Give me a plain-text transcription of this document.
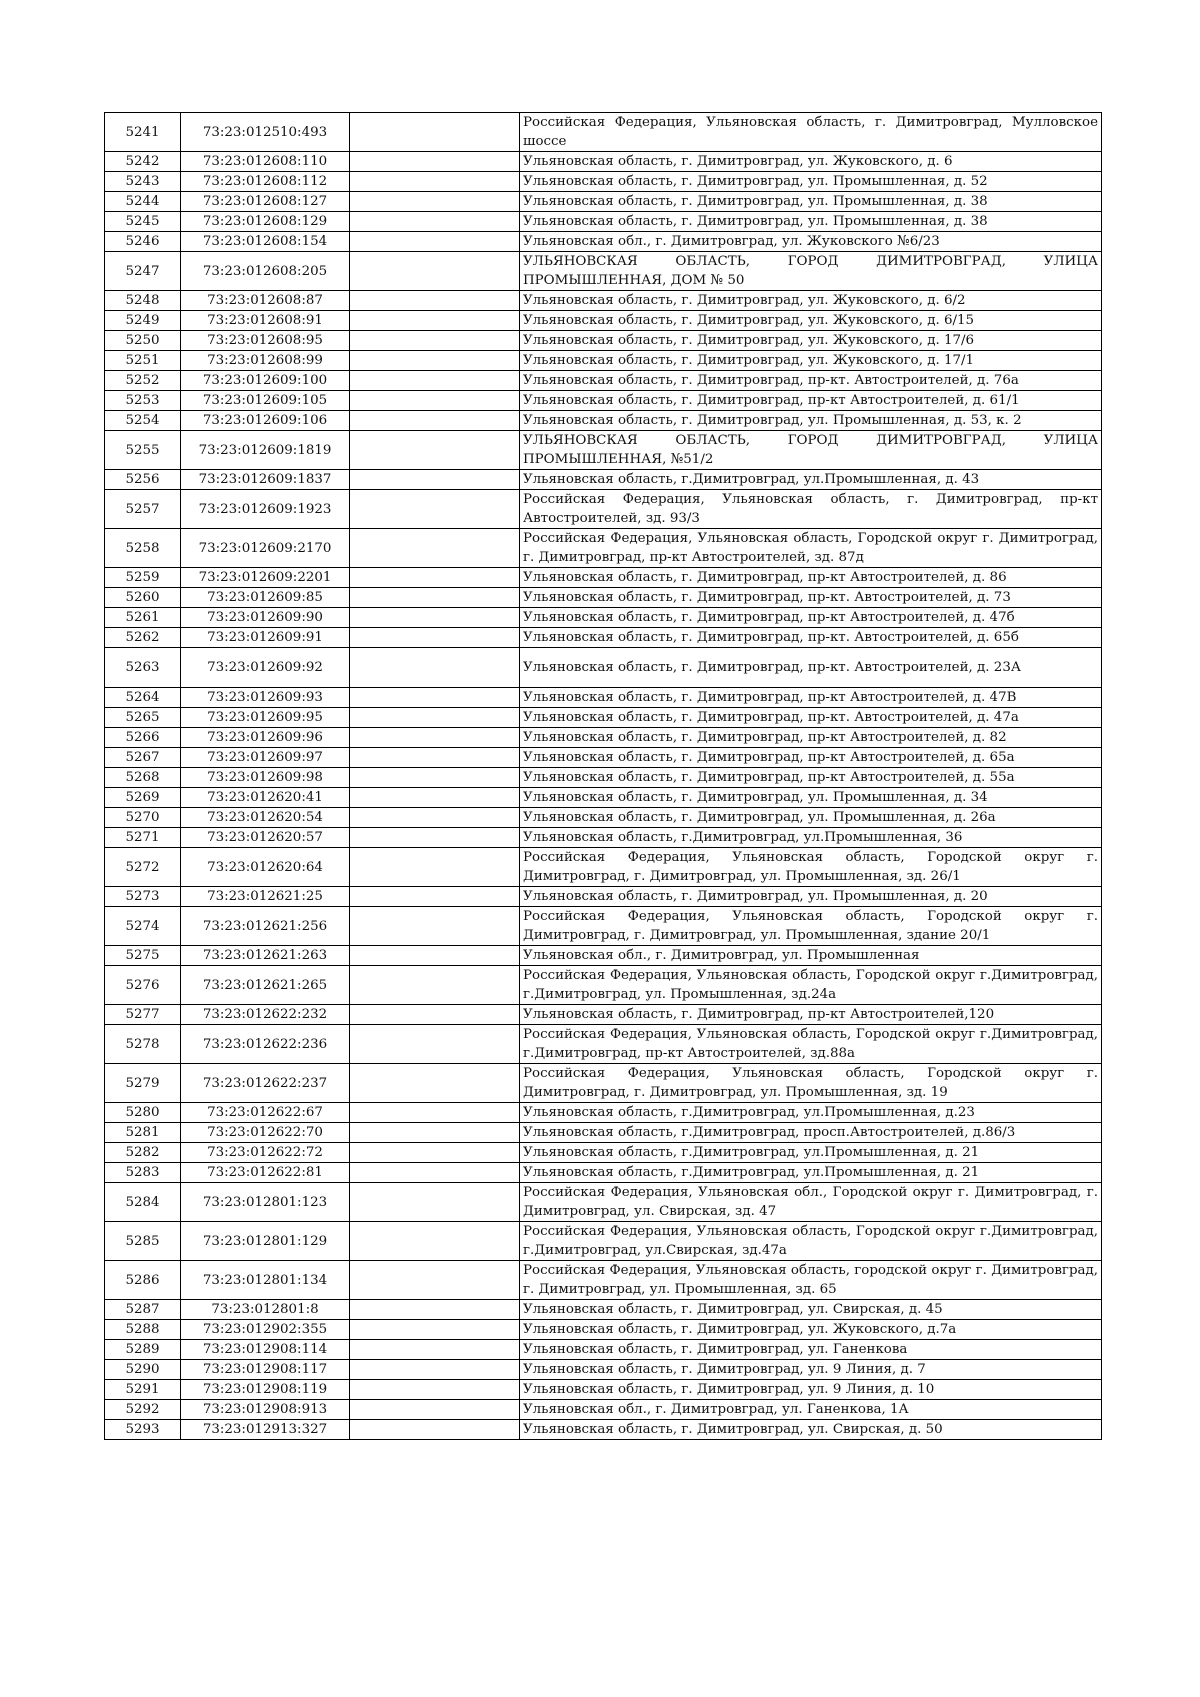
5241	73:23:012510:493		Российская Федерация, Ульяновская область, г. Димитровград, Мулловское шоссе
5242	73:23:012608:110		Ульяновская область, г. Димитровград, ул. Жуковского, д. 6
5243	73:23:012608:112		Ульяновская область, г. Димитровград, ул. Промышленная, д. 52
5244	73:23:012608:127		Ульяновская область, г. Димитровград, ул. Промышленная, д. 38
5245	73:23:012608:129		Ульяновская область, г. Димитровград, ул. Промышленная, д. 38
5246	73:23:012608:154		Ульяновская обл., г. Димитровград, ул. Жуковского №6/23
5247	73:23:012608:205		УЛЬЯНОВСКАЯ ОБЛАСТЬ, ГОРОД ДИМИТРОВГРАД, УЛИЦА ПРОМЫШЛЕННАЯ, ДОМ № 50
5248	73:23:012608:87		Ульяновская область, г. Димитровград, ул. Жуковского, д. 6/2
5249	73:23:012608:91		Ульяновская область, г. Димитровград, ул. Жуковского, д. 6/15
5250	73:23:012608:95		Ульяновская область, г. Димитровград, ул. Жуковского, д. 17/6
5251	73:23:012608:99		Ульяновская область, г. Димитровград, ул. Жуковского, д. 17/1
5252	73:23:012609:100		Ульяновская область, г. Димитровград, пр-кт. Автостроителей, д. 76а
5253	73:23:012609:105		Ульяновская область, г. Димитровград, пр-кт Автостроителей, д. 61/1
5254	73:23:012609:106		Ульяновская область, г. Димитровград, ул. Промышленная, д. 53, к. 2
5255	73:23:012609:1819		УЛЬЯНОВСКАЯ ОБЛАСТЬ, ГОРОД ДИМИТРОВГРАД, УЛИЦА ПРОМЫШЛЕННАЯ, №51/2
5256	73:23:012609:1837		Ульяновская область, г.Димитровград, ул.Промышленная, д. 43
5257	73:23:012609:1923		Российская Федерация, Ульяновская область, г. Димитровград, пр-кт Автостроителей, зд. 93/3
5258	73:23:012609:2170		Российская Федерация, Ульяновская область, Городской округ г. Димитроград, г. Димитровград, пр-кт Автостроителей, зд. 87д
5259	73:23:012609:2201		Ульяновская область, г. Димитровград, пр-кт Автостроителей, д. 86
5260	73:23:012609:85		Ульяновская область, г. Димитровград, пр-кт. Автостроителей, д. 73
5261	73:23:012609:90		Ульяновская область, г. Димитровград, пр-кт Автостроителей, д. 47б
5262	73:23:012609:91		Ульяновская область, г. Димитровград, пр-кт. Автостроителей, д. 65б
5263	73:23:012609:92		Ульяновская область, г. Димитровград, пр-кт. Автостроителей, д. 23А
5264	73:23:012609:93		Ульяновская область, г. Димитровград, пр-кт Автостроителей, д. 47В
5265	73:23:012609:95		Ульяновская область, г. Димитровград, пр-кт. Автостроителей, д. 47а
5266	73:23:012609:96		Ульяновская область, г. Димитровград, пр-кт Автостроителей, д. 82
5267	73:23:012609:97		Ульяновская область, г. Димитровград, пр-кт Автостроителей, д. 65а
5268	73:23:012609:98		Ульяновская область, г. Димитровград, пр-кт Автостроителей, д. 55а
5269	73:23:012620:41		Ульяновская область, г. Димитровград, ул. Промышленная, д. 34
5270	73:23:012620:54		Ульяновская область, г. Димитровград, ул. Промышленная, д. 26а
5271	73:23:012620:57		Ульяновская область, г.Димитровград, ул.Промышленная, 36
5272	73:23:012620:64		Российская Федерация, Ульяновская область, Городской округ г. Димитровград, г. Димитровград, ул. Промышленная, зд. 26/1
5273	73:23:012621:25		Ульяновская область, г. Димитровград, ул. Промышленная, д. 20
5274	73:23:012621:256		Российская Федерация, Ульяновская область, Городской округ г. Димитровград, г. Димитровград, ул. Промышленная, здание 20/1
5275	73:23:012621:263		Ульяновская обл., г. Димитровград, ул. Промышленная
5276	73:23:012621:265		Российская Федерация, Ульяновская область, Городской округ г.Димитровград, г.Димитровград, ул. Промышленная, зд.24а
5277	73:23:012622:232		Ульяновская область, г. Димитровград, пр-кт Автостроителей,120
5278	73:23:012622:236		Российская Федерация, Ульяновская область, Городской округ г.Димитровград, г.Димитровград, пр-кт Автостроителей, зд.88а
5279	73:23:012622:237		Российская Федерация, Ульяновская область, Городской округ г. Димитровград, г. Димитровград, ул. Промышленная, зд. 19
5280	73:23:012622:67		Ульяновская область, г.Димитровград, ул.Промышленная, д.23
5281	73:23:012622:70		Ульяновская область, г.Димитровград, просп.Автостроителей, д.86/3
5282	73:23:012622:72		Ульяновская область, г.Димитровград, ул.Промышленная, д. 21
5283	73:23:012622:81		Ульяновская область, г.Димитровград, ул.Промышленная, д. 21
5284	73:23:012801:123		Российская Федерация, Ульяновская обл., Городской округ г. Димитровград, г. Димитровград, ул. Свирская, зд. 47
5285	73:23:012801:129		Российская Федерация, Ульяновская область, Городской округ г.Димитровград, г.Димитровград, ул.Свирская, зд.47а
5286	73:23:012801:134		Российская Федерация, Ульяновская область, городской округ г. Димитровград, г. Димитровград, ул. Промышленная, зд. 65
5287	73:23:012801:8		Ульяновская область, г. Димитровград, ул. Свирская, д. 45
5288	73:23:012902:355		Ульяновская область, г. Димитровград, ул. Жуковского, д.7а
5289	73:23:012908:114		Ульяновская область, г. Димитровград, ул. Ганенкова
5290	73:23:012908:117		Ульяновская область, г. Димитровград, ул. 9 Линия, д. 7
5291	73:23:012908:119		Ульяновская область, г. Димитровград, ул. 9 Линия, д. 10
5292	73:23:012908:913		Ульяновская обл., г. Димитровград, ул. Ганенкова, 1А
5293	73:23:012913:327		Ульяновская область, г. Димитровград, ул. Свирская, д. 50
